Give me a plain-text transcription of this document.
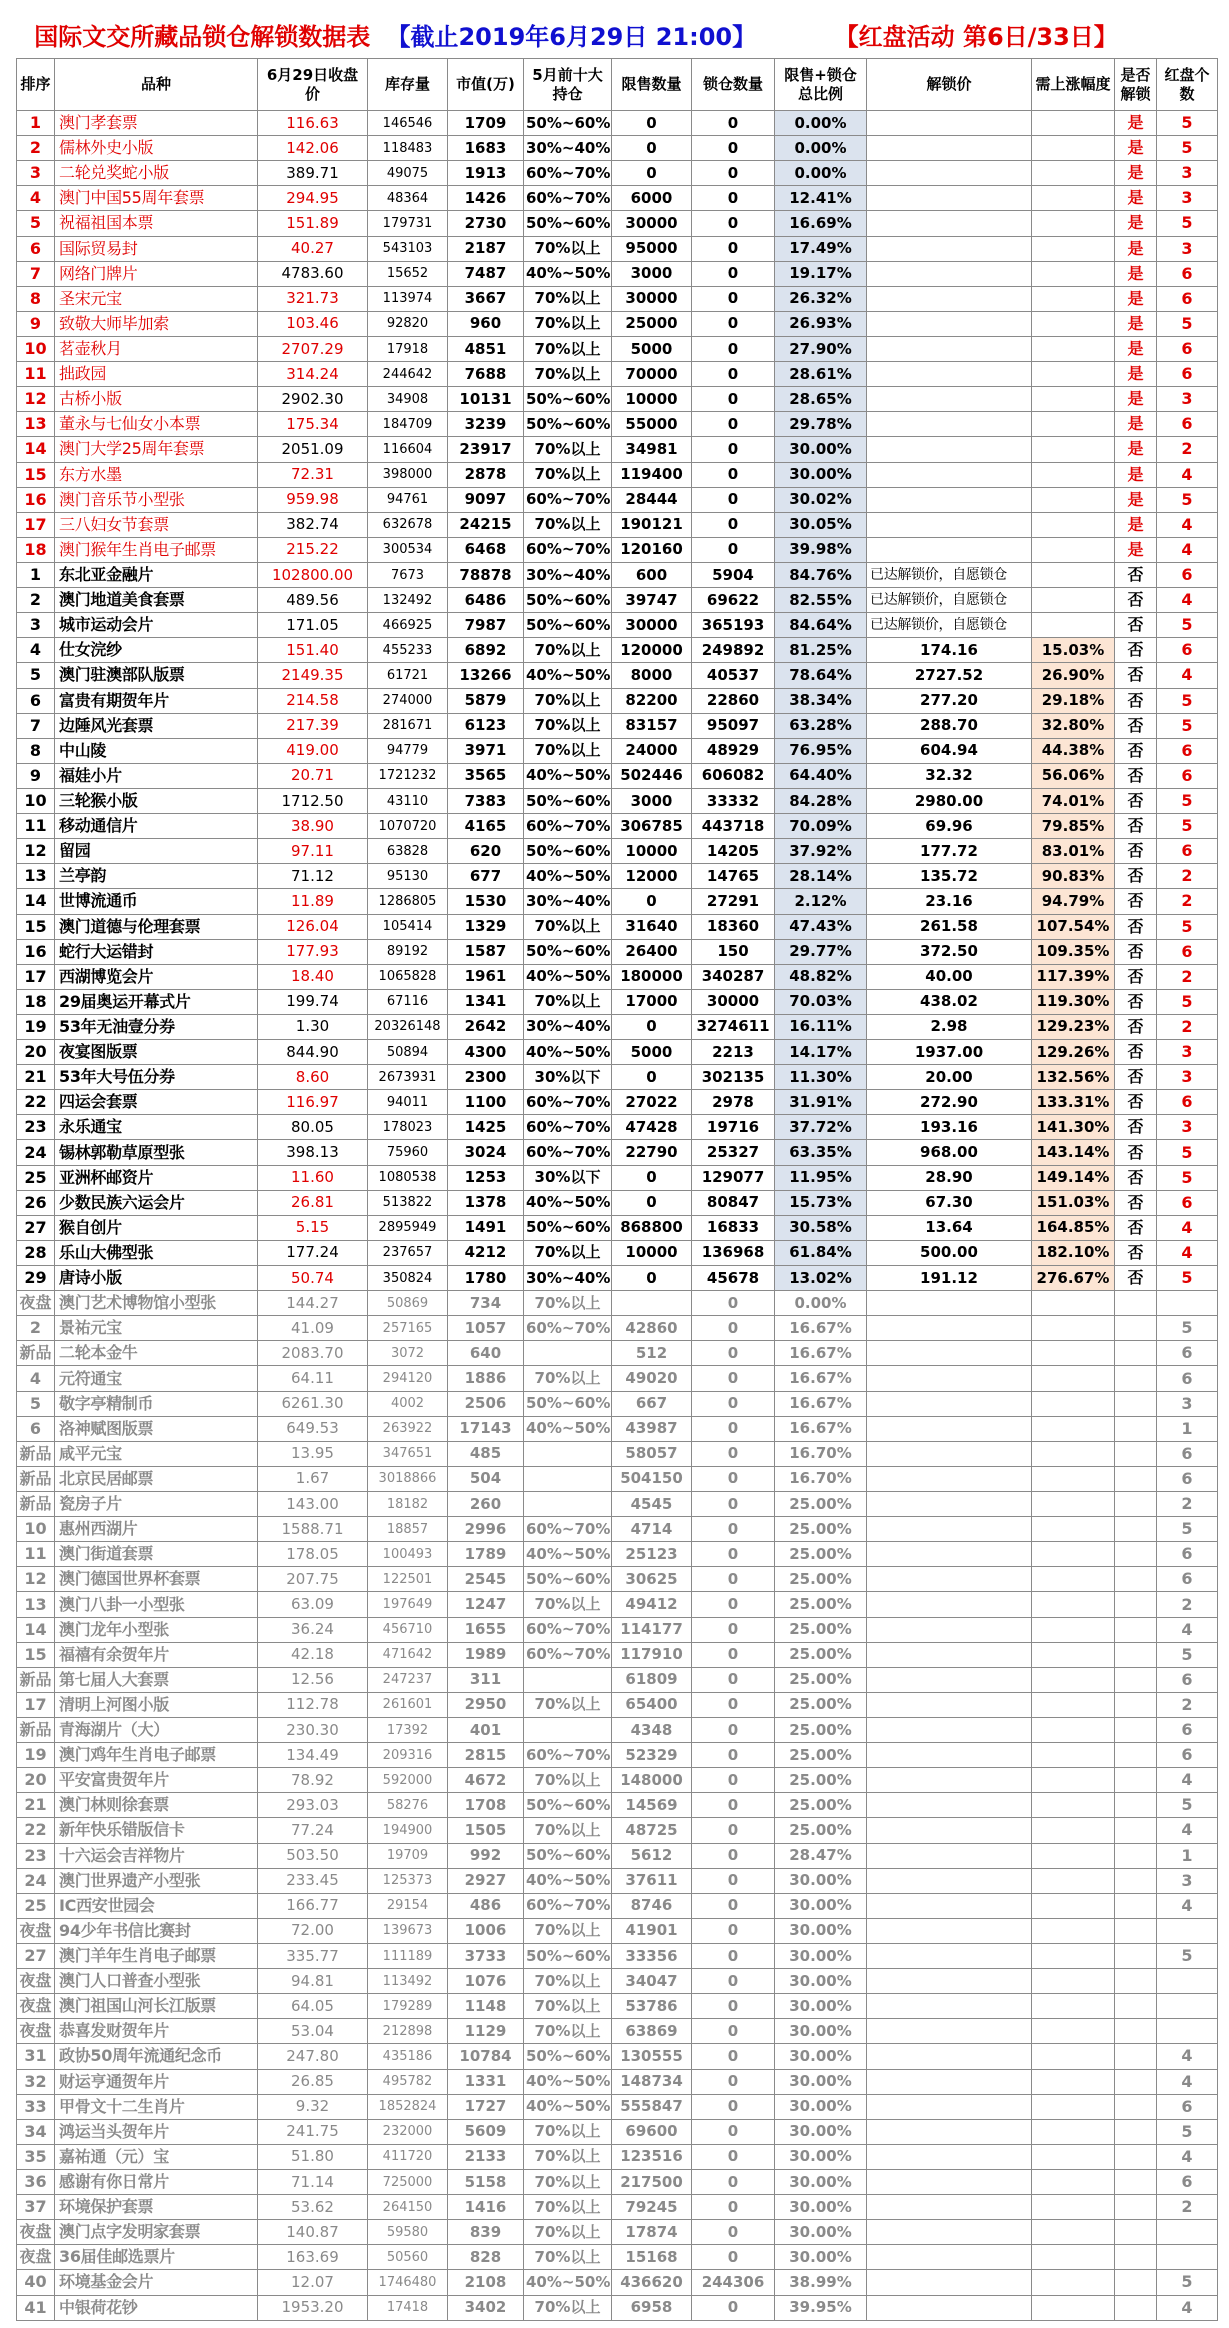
国际文交所藏品锁仓解锁数据表 【截止2019年6月29日 21:00】	【红盘活动 第6日/33日】
排序	品种	6月29日收盘价	库存量	市值(万)	5月前十大持仓	限售数量	锁仓数量	限售+锁仓总比例	解锁价	需上涨幅度	是否解锁	红盘个数
1	澳门孝套票	116.63	146546	1709	50%~60%	0	0	0.00%			是	5
2	儒林外史小版	142.06	118483	1683	30%~40%	0	0	0.00%			是	5
3	二轮兑奖蛇小版	389.71	49075	1913	60%~70%	0	0	0.00%			是	3
4	澳门中国55周年套票	294.95	48364	1426	60%~70%	6000	0	12.41%			是	3
5	祝福祖国本票	151.89	179731	2730	50%~60%	30000	0	16.69%			是	5
6	国际贸易封	40.27	543103	2187	70%以上	95000	0	17.49%			是	3
7	网络门牌片	4783.60	15652	7487	40%~50%	3000	0	19.17%			是	6
8	圣宋元宝	321.73	113974	3667	70%以上	30000	0	26.32%			是	6
9	致敬大师毕加索	103.46	92820	960	70%以上	25000	0	26.93%			是	5
10	茗壶秋月	2707.29	17918	4851	70%以上	5000	0	27.90%			是	6
11	拙政园	314.24	244642	7688	70%以上	70000	0	28.61%			是	6
12	古桥小版	2902.30	34908	10131	50%~60%	10000	0	28.65%			是	3
13	董永与七仙女小本票	175.34	184709	3239	50%~60%	55000	0	29.78%			是	6
14	澳门大学25周年套票	2051.09	116604	23917	70%以上	34981	0	30.00%			是	2
15	东方水墨	72.31	398000	2878	70%以上	119400	0	30.00%			是	4
16	澳门音乐节小型张	959.98	94761	9097	60%~70%	28444	0	30.02%			是	5
17	三八妇女节套票	382.74	632678	24215	70%以上	190121	0	30.05%			是	4
18	澳门猴年生肖电子邮票	215.22	300534	6468	60%~70%	120160	0	39.98%			是	4
1	东北亚金融片	102800.00	7673	78878	30%~40%	600	5904	84.76%	已达解锁价，自愿锁仓		否	6
2	澳门地道美食套票	489.56	132492	6486	50%~60%	39747	69622	82.55%	已达解锁价，自愿锁仓		否	4
3	城市运动会片	171.05	466925	7987	50%~60%	30000	365193	84.64%	已达解锁价，自愿锁仓		否	5
4	仕女浣纱	151.40	455233	6892	70%以上	120000	249892	81.25%	174.16	15.03%	否	6
5	澳门驻澳部队版票	2149.35	61721	13266	40%~50%	8000	40537	78.64%	2727.52	26.90%	否	4
6	富贵有期贺年片	214.58	274000	5879	70%以上	82200	22860	38.34%	277.20	29.18%	否	5
7	边陲风光套票	217.39	281671	6123	70%以上	83157	95097	63.28%	288.70	32.80%	否	5
8	中山陵	419.00	94779	3971	70%以上	24000	48929	76.95%	604.94	44.38%	否	6
9	福娃小片	20.71	1721232	3565	40%~50%	502446	606082	64.40%	32.32	56.06%	否	6
10	三轮猴小版	1712.50	43110	7383	50%~60%	3000	33332	84.28%	2980.00	74.01%	否	5
11	移动通信片	38.90	1070720	4165	60%~70%	306785	443718	70.09%	69.96	79.85%	否	5
12	留园	97.11	63828	620	50%~60%	10000	14205	37.92%	177.72	83.01%	否	6
13	兰亭韵	71.12	95130	677	40%~50%	12000	14765	28.14%	135.72	90.83%	否	2
14	世博流通币	11.89	1286805	1530	30%~40%	0	27291	2.12%	23.16	94.79%	否	2
15	澳门道德与伦理套票	126.04	105414	1329	70%以上	31640	18360	47.43%	261.58	107.54%	否	5
16	蛇行大运错封	177.93	89192	1587	50%~60%	26400	150	29.77%	372.50	109.35%	否	6
17	西湖博览会片	18.40	1065828	1961	40%~50%	180000	340287	48.82%	40.00	117.39%	否	2
18	29届奥运开幕式片	199.74	67116	1341	70%以上	17000	30000	70.03%	438.02	119.30%	否	5
19	53年无油壹分券	1.30	20326148	2642	30%~40%	0	3274611	16.11%	2.98	129.23%	否	2
20	夜宴图版票	844.90	50894	4300	40%~50%	5000	2213	14.17%	1937.00	129.26%	否	3
21	53年大号伍分券	8.60	2673931	2300	30%以下	0	302135	11.30%	20.00	132.56%	否	3
22	四运会套票	116.97	94011	1100	60%~70%	27022	2978	31.91%	272.90	133.31%	否	6
23	永乐通宝	80.05	178023	1425	60%~70%	47428	19716	37.72%	193.16	141.30%	否	3
24	锡林郭勒草原型张	398.13	75960	3024	60%~70%	22790	25327	63.35%	968.00	143.14%	否	5
25	亚洲杯邮资片	11.60	1080538	1253	30%以下	0	129077	11.95%	28.90	149.14%	否	5
26	少数民族六运会片	26.81	513822	1378	40%~50%	0	80847	15.73%	67.30	151.03%	否	6
27	猴自创片	5.15	2895949	1491	50%~60%	868800	16833	30.58%	13.64	164.85%	否	4
28	乐山大佛型张	177.24	237657	4212	70%以上	10000	136968	61.84%	500.00	182.10%	否	4
29	唐诗小版	50.74	350824	1780	30%~40%	0	45678	13.02%	191.12	276.67%	否	5
夜盘	澳门艺术博物馆小型张	144.27	50869	734	70%以上		0	0.00%				
2	景祐元宝	41.09	257165	1057	60%~70%	42860	0	16.67%				5
新品	二轮本金牛	2083.70	3072	640		512	0	16.67%				6
4	元符通宝	64.11	294120	1886	70%以上	49020	0	16.67%				6
5	敬字亭精制币	6261.30	4002	2506	50%~60%	667	0	16.67%				3
6	洛神赋图版票	649.53	263922	17143	40%~50%	43987	0	16.67%				1
新品	咸平元宝	13.95	347651	485		58057	0	16.70%				6
新品	北京民居邮票	1.67	3018866	504		504150	0	16.70%				6
新品	瓷房子片	143.00	18182	260		4545	0	25.00%				2
10	惠州西湖片	1588.71	18857	2996	60%~70%	4714	0	25.00%				5
11	澳门街道套票	178.05	100493	1789	40%~50%	25123	0	25.00%				6
12	澳门德国世界杯套票	207.75	122501	2545	50%~60%	30625	0	25.00%				6
13	澳门八卦一小型张	63.09	197649	1247	70%以上	49412	0	25.00%				2
14	澳门龙年小型张	36.24	456710	1655	60%~70%	114177	0	25.00%				4
15	福禧有余贺年片	42.18	471642	1989	60%~70%	117910	0	25.00%				5
新品	第七届人大套票	12.56	247237	311		61809	0	25.00%				6
17	清明上河图小版	112.78	261601	2950	70%以上	65400	0	25.00%				2
新品	青海湖片（大）	230.30	17392	401		4348	0	25.00%				6
19	澳门鸡年生肖电子邮票	134.49	209316	2815	60%~70%	52329	0	25.00%				6
20	平安富贵贺年片	78.92	592000	4672	70%以上	148000	0	25.00%				4
21	澳门林则徐套票	293.03	58276	1708	50%~60%	14569	0	25.00%				5
22	新年快乐错版信卡	77.24	194900	1505	70%以上	48725	0	25.00%				4
23	十六运会吉祥物片	503.50	19709	992	50%~60%	5612	0	28.47%				1
24	澳门世界遗产小型张	233.45	125373	2927	40%~50%	37611	0	30.00%				3
25	IC西安世园会	166.77	29154	486	60%~70%	8746	0	30.00%				4
夜盘	94少年书信比赛封	72.00	139673	1006	70%以上	41901	0	30.00%				
27	澳门羊年生肖电子邮票	335.77	111189	3733	50%~60%	33356	0	30.00%				5
夜盘	澳门人口普查小型张	94.81	113492	1076	70%以上	34047	0	30.00%				
夜盘	澳门祖国山河长江版票	64.05	179289	1148	70%以上	53786	0	30.00%				
夜盘	恭喜发财贺年片	53.04	212898	1129	70%以上	63869	0	30.00%				
31	政协50周年流通纪念币	247.80	435186	10784	50%~60%	130555	0	30.00%				4
32	财运亨通贺年片	26.85	495782	1331	40%~50%	148734	0	30.00%				4
33	甲骨文十二生肖片	9.32	1852824	1727	40%~50%	555847	0	30.00%				6
34	鸿运当头贺年片	241.75	232000	5609	70%以上	69600	0	30.00%				5
35	嘉祐通（元）宝	51.80	411720	2133	70%以上	123516	0	30.00%				4
36	感谢有你日常片	71.14	725000	5158	70%以上	217500	0	30.00%				6
37	环境保护套票	53.62	264150	1416	70%以上	79245	0	30.00%				2
夜盘	澳门点字发明家套票	140.87	59580	839	70%以上	17874	0	30.00%				
夜盘	36届佳邮选票片	163.69	50560	828	70%以上	15168	0	30.00%				
40	环境基金会片	12.07	1746480	2108	40%~50%	436620	244306	38.99%				5
41	中银荷花钞	1953.20	17418	3402	70%以上	6958	0	39.95%				4
